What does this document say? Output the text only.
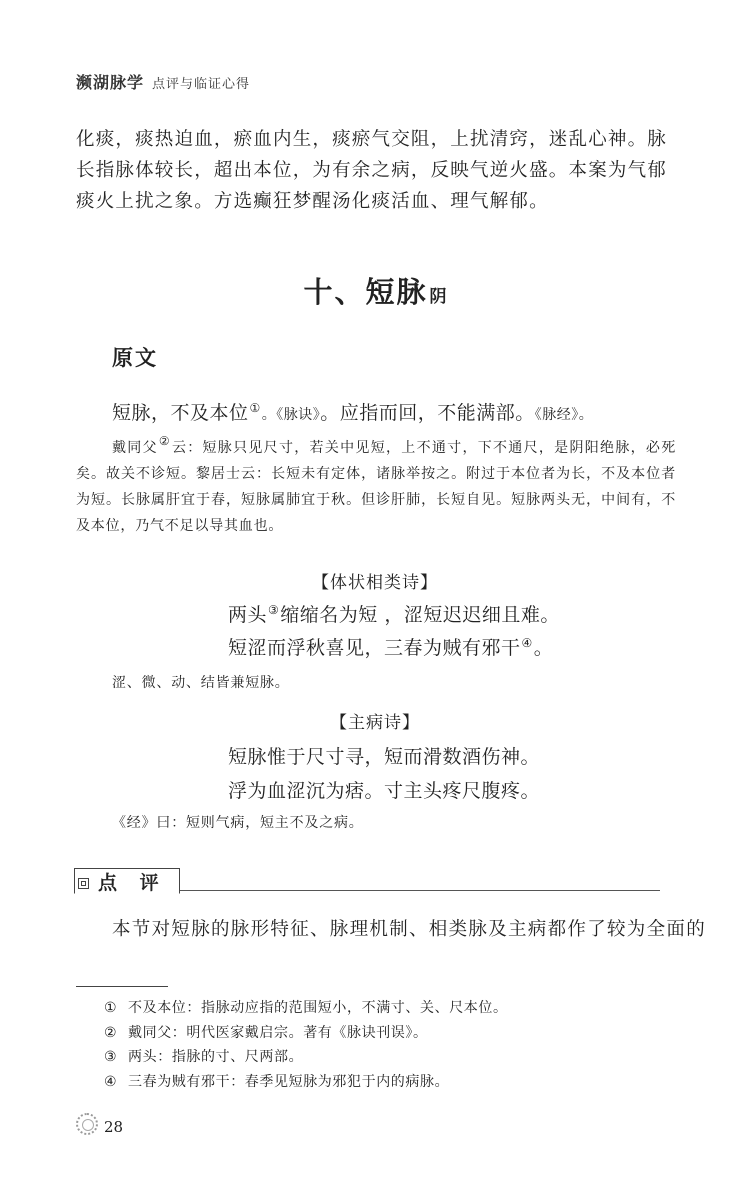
濒湖脉学 点评与临证心得
化痰，痰热迫血，瘀血内生，痰瘀气交阻，上扰清窍，迷乱心神。脉长指脉体较长，超出本位，为有余之病，反映气逆火盛。本案为气郁痰火上扰之象。方选癫狂梦醒汤化痰活血、理气解郁。
十、短脉 阴
原文
短脉，不及本位①。《脉诀》。应指而回，不能满部。《脉经》。
戴同父②云：短脉只见尺寸，若关中见短，上不通寸，下不通尺，是阴阳绝脉，必死矣。故关不诊短。黎居士云：长短未有定体，诸脉举按之。附过于本位者为长，不及本位者为短。长脉属肝宜于春，短脉属肺宜于秋。但诊肝肺，长短自见。短脉两头无，中间有，不及本位，乃气不足以导其血也。
【体状相类诗】
两头③缩缩名为短 ，涩短迟迟细且难。
短涩而浮秋喜见，三春为贼有邪干④。
涩、微、动、结皆兼短脉。
【主病诗】
短脉惟于尺寸寻，短而滑数酒伤神。
浮为血涩沉为痞。寸主头疼尺腹疼。
《经》曰：短则气病，短主不及之病。
点 评
本节对短脉的脉形特征、脉理机制、相类脉及主病都作了较为全面的
① 不及本位：指脉动应指的范围短小，不满寸、关、尺本位。
② 戴同父：明代医家戴启宗。著有《脉诀刊误》。
③ 两头：指脉的寸、尺两部。
④ 三春为贼有邪干：春季见短脉为邪犯于内的病脉。
28
